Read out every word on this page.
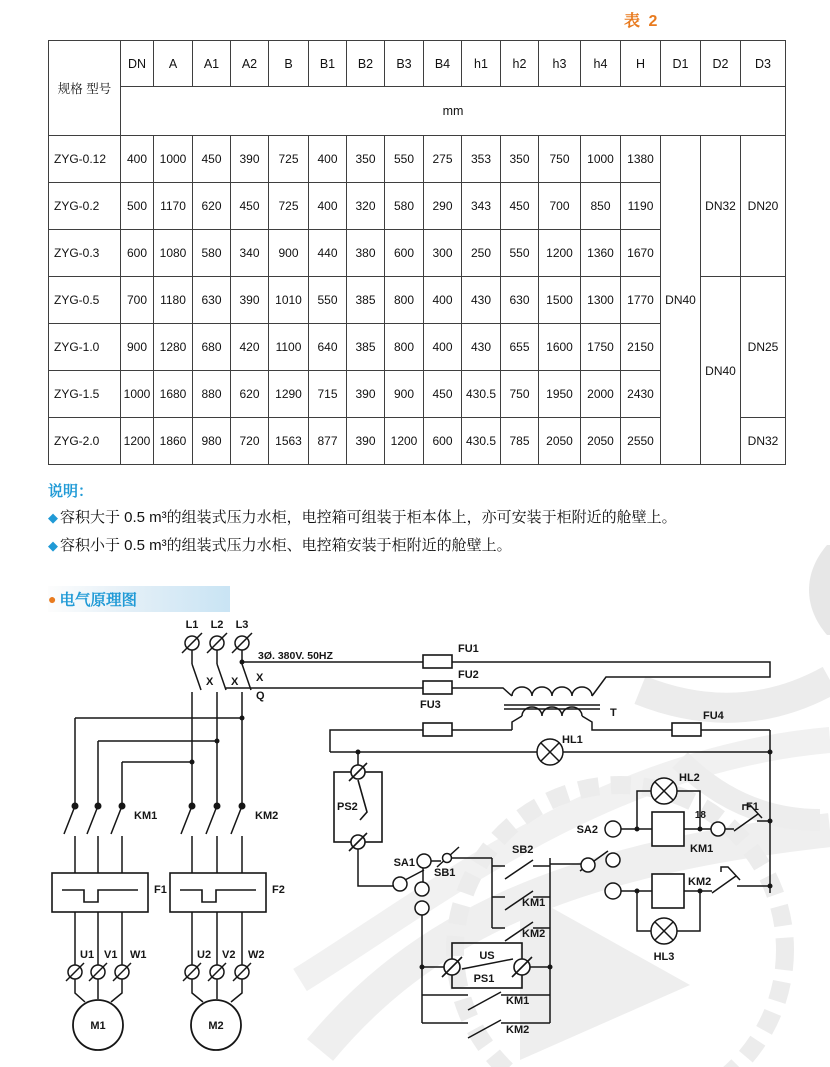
表 2
规格 型号	DN	A	A1	A2	B	B1	B2	B3	B4	h1	h2	h3	h4	H	D1	D2	D3
	mm																
ZYG-0.12	400	1000	450	390	725	400	350	550	275	353	350	750	1000	1380	DN40	DN32	DN20
ZYG-0.2	500	1170	620	450	725	400	320	580	290	343	450	700	850	1190			
ZYG-0.3	600	1080	580	340	900	440	380	600	300	250	550	1200	1360	1670			
ZYG-0.5	700	1180	630	390	1010	550	385	800	400	430	630	1500	1300	1770		DN40	DN25
ZYG-1.0	900	1280	680	420	1100	640	385	800	400	430	655	1600	1750	2150			
ZYG-1.5	1000	1680	880	620	1290	715	390	900	450	430.5	750	1950	2000	2430			
ZYG-2.0	1200	1860	980	720	1563	877	390	1200	600	430.5	785	2050	2050	2550			DN32
说明：
◆ 容积大于 0.5 m³的组装式压力水柜，电控箱可组装于柜本体上，亦可安装于柜附近的舱壁上。
◆ 容积小于 0.5 m³的组装式压力水柜、电控箱安装于柜附近的舱壁上。
● 电气原理图
L1 L2 L3
3Ø. 380V. 50HZ
X X X
Q
FU1
FU2
FU3
FU4
T
HL1
KM1	KM2
F1	F2
U1 V1 W1	U2 V2 W2
M1	M2
PS2
SA1
SB1
SB2
KM1
KM2
SA2
HL2
KM1
18
F1
KM2
HL3
US
PS1
KM1
KM2
